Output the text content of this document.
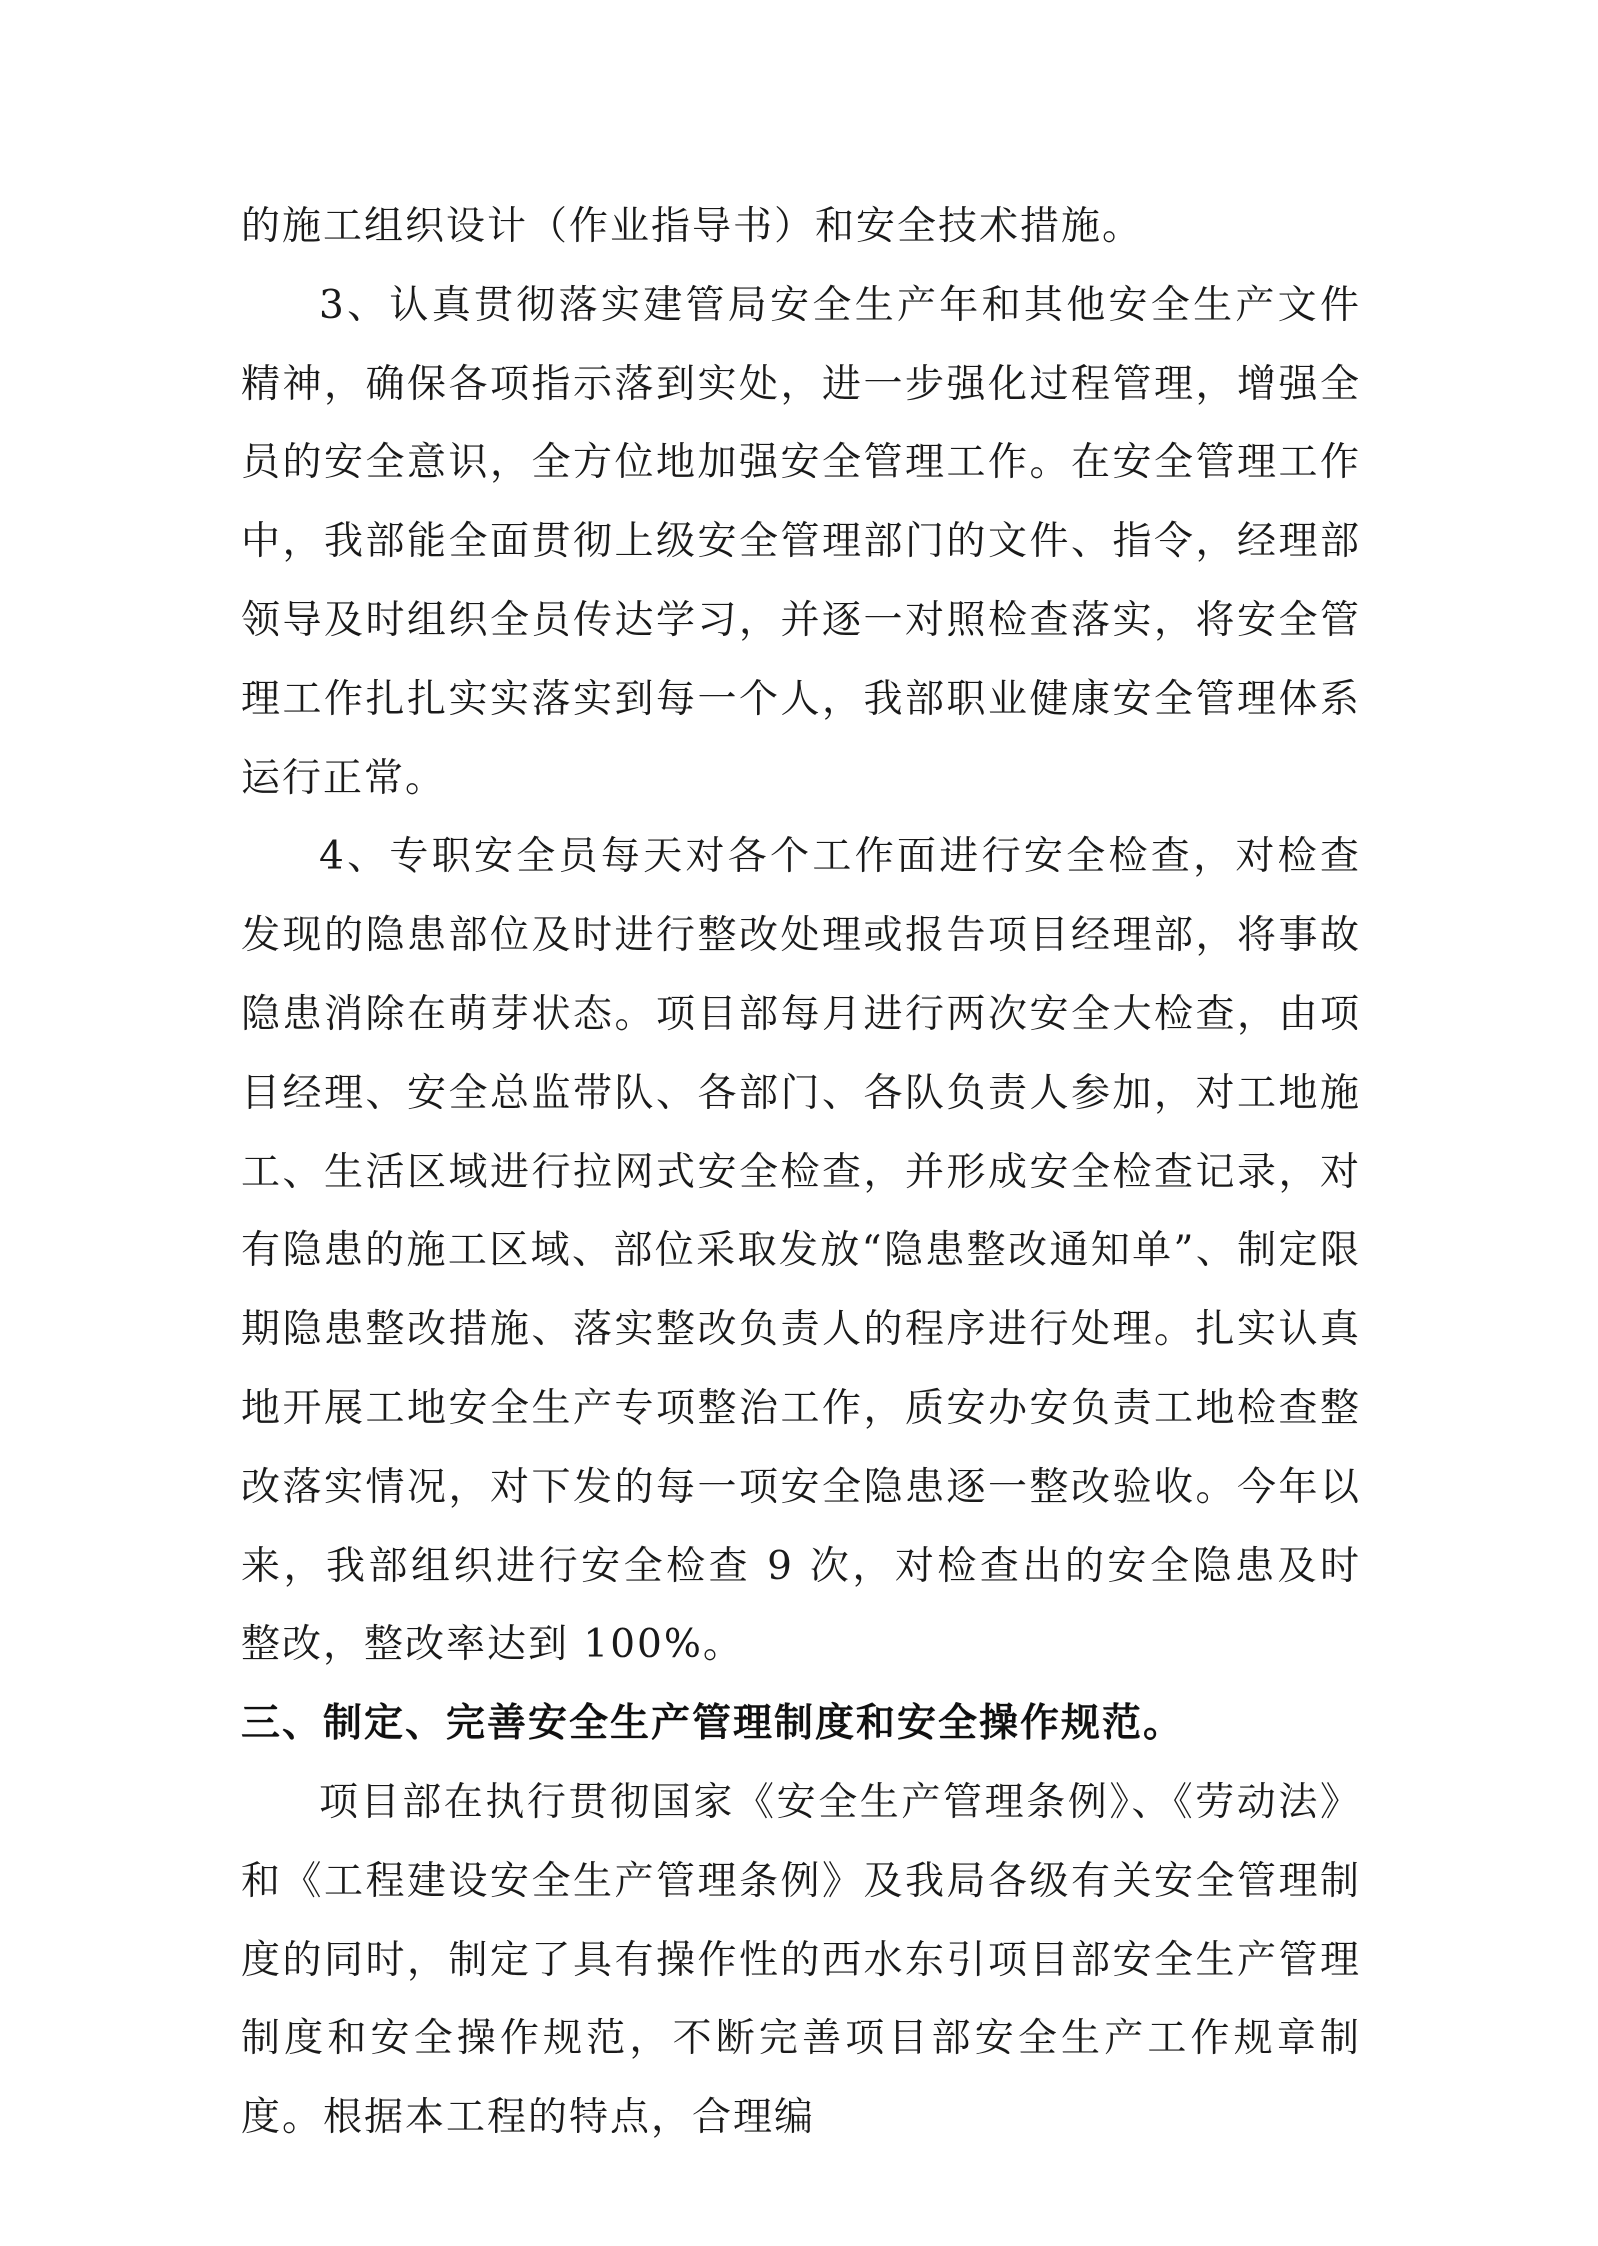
的施工组织设计（作业指导书）和安全技术措施。

3、认真贯彻落实建管局安全生产年和其他安全生产文件精神，确保各项指示落到实处，进一步强化过程管理，增强全员的安全意识，全方位地加强安全管理工作。在安全管理工作中，我部能全面贯彻上级安全管理部门的文件、指令，经理部领导及时组织全员传达学习，并逐一对照检查落实，将安全管理工作扎扎实实落实到每一个人，我部职业健康安全管理体系运行正常。

4、专职安全员每天对各个工作面进行安全检查，对检查发现的隐患部位及时进行整改处理或报告项目经理部，将事故隐患消除在萌芽状态。项目部每月进行两次安全大检查，由项目经理、安全总监带队、各部门、各队负责人参加，对工地施工、生活区域进行拉网式安全检查，并形成安全检查记录，对有隐患的施工区域、部位采取发放“隐患整改通知单”、制定限期隐患整改措施、落实整改负责人的程序进行处理。扎实认真地开展工地安全生产专项整治工作，质安办安负责工地检查整改落实情况，对下发的每一项安全隐患逐一整改验收。今年以来，我部组织进行安全检查 9 次，对检查出的安全隐患及时整改，整改率达到 100%。

三、制定、完善安全生产管理制度和安全操作规范。

项目部在执行贯彻国家《安全生产管理条例》、《劳动法》和《工程建设安全生产管理条例》及我局各级有关安全管理制度的同时，制定了具有操作性的西水东引项目部安全生产管理制度和安全操作规范，不断完善项目部安全生产工作规章制度。根据本工程的特点，合理编
